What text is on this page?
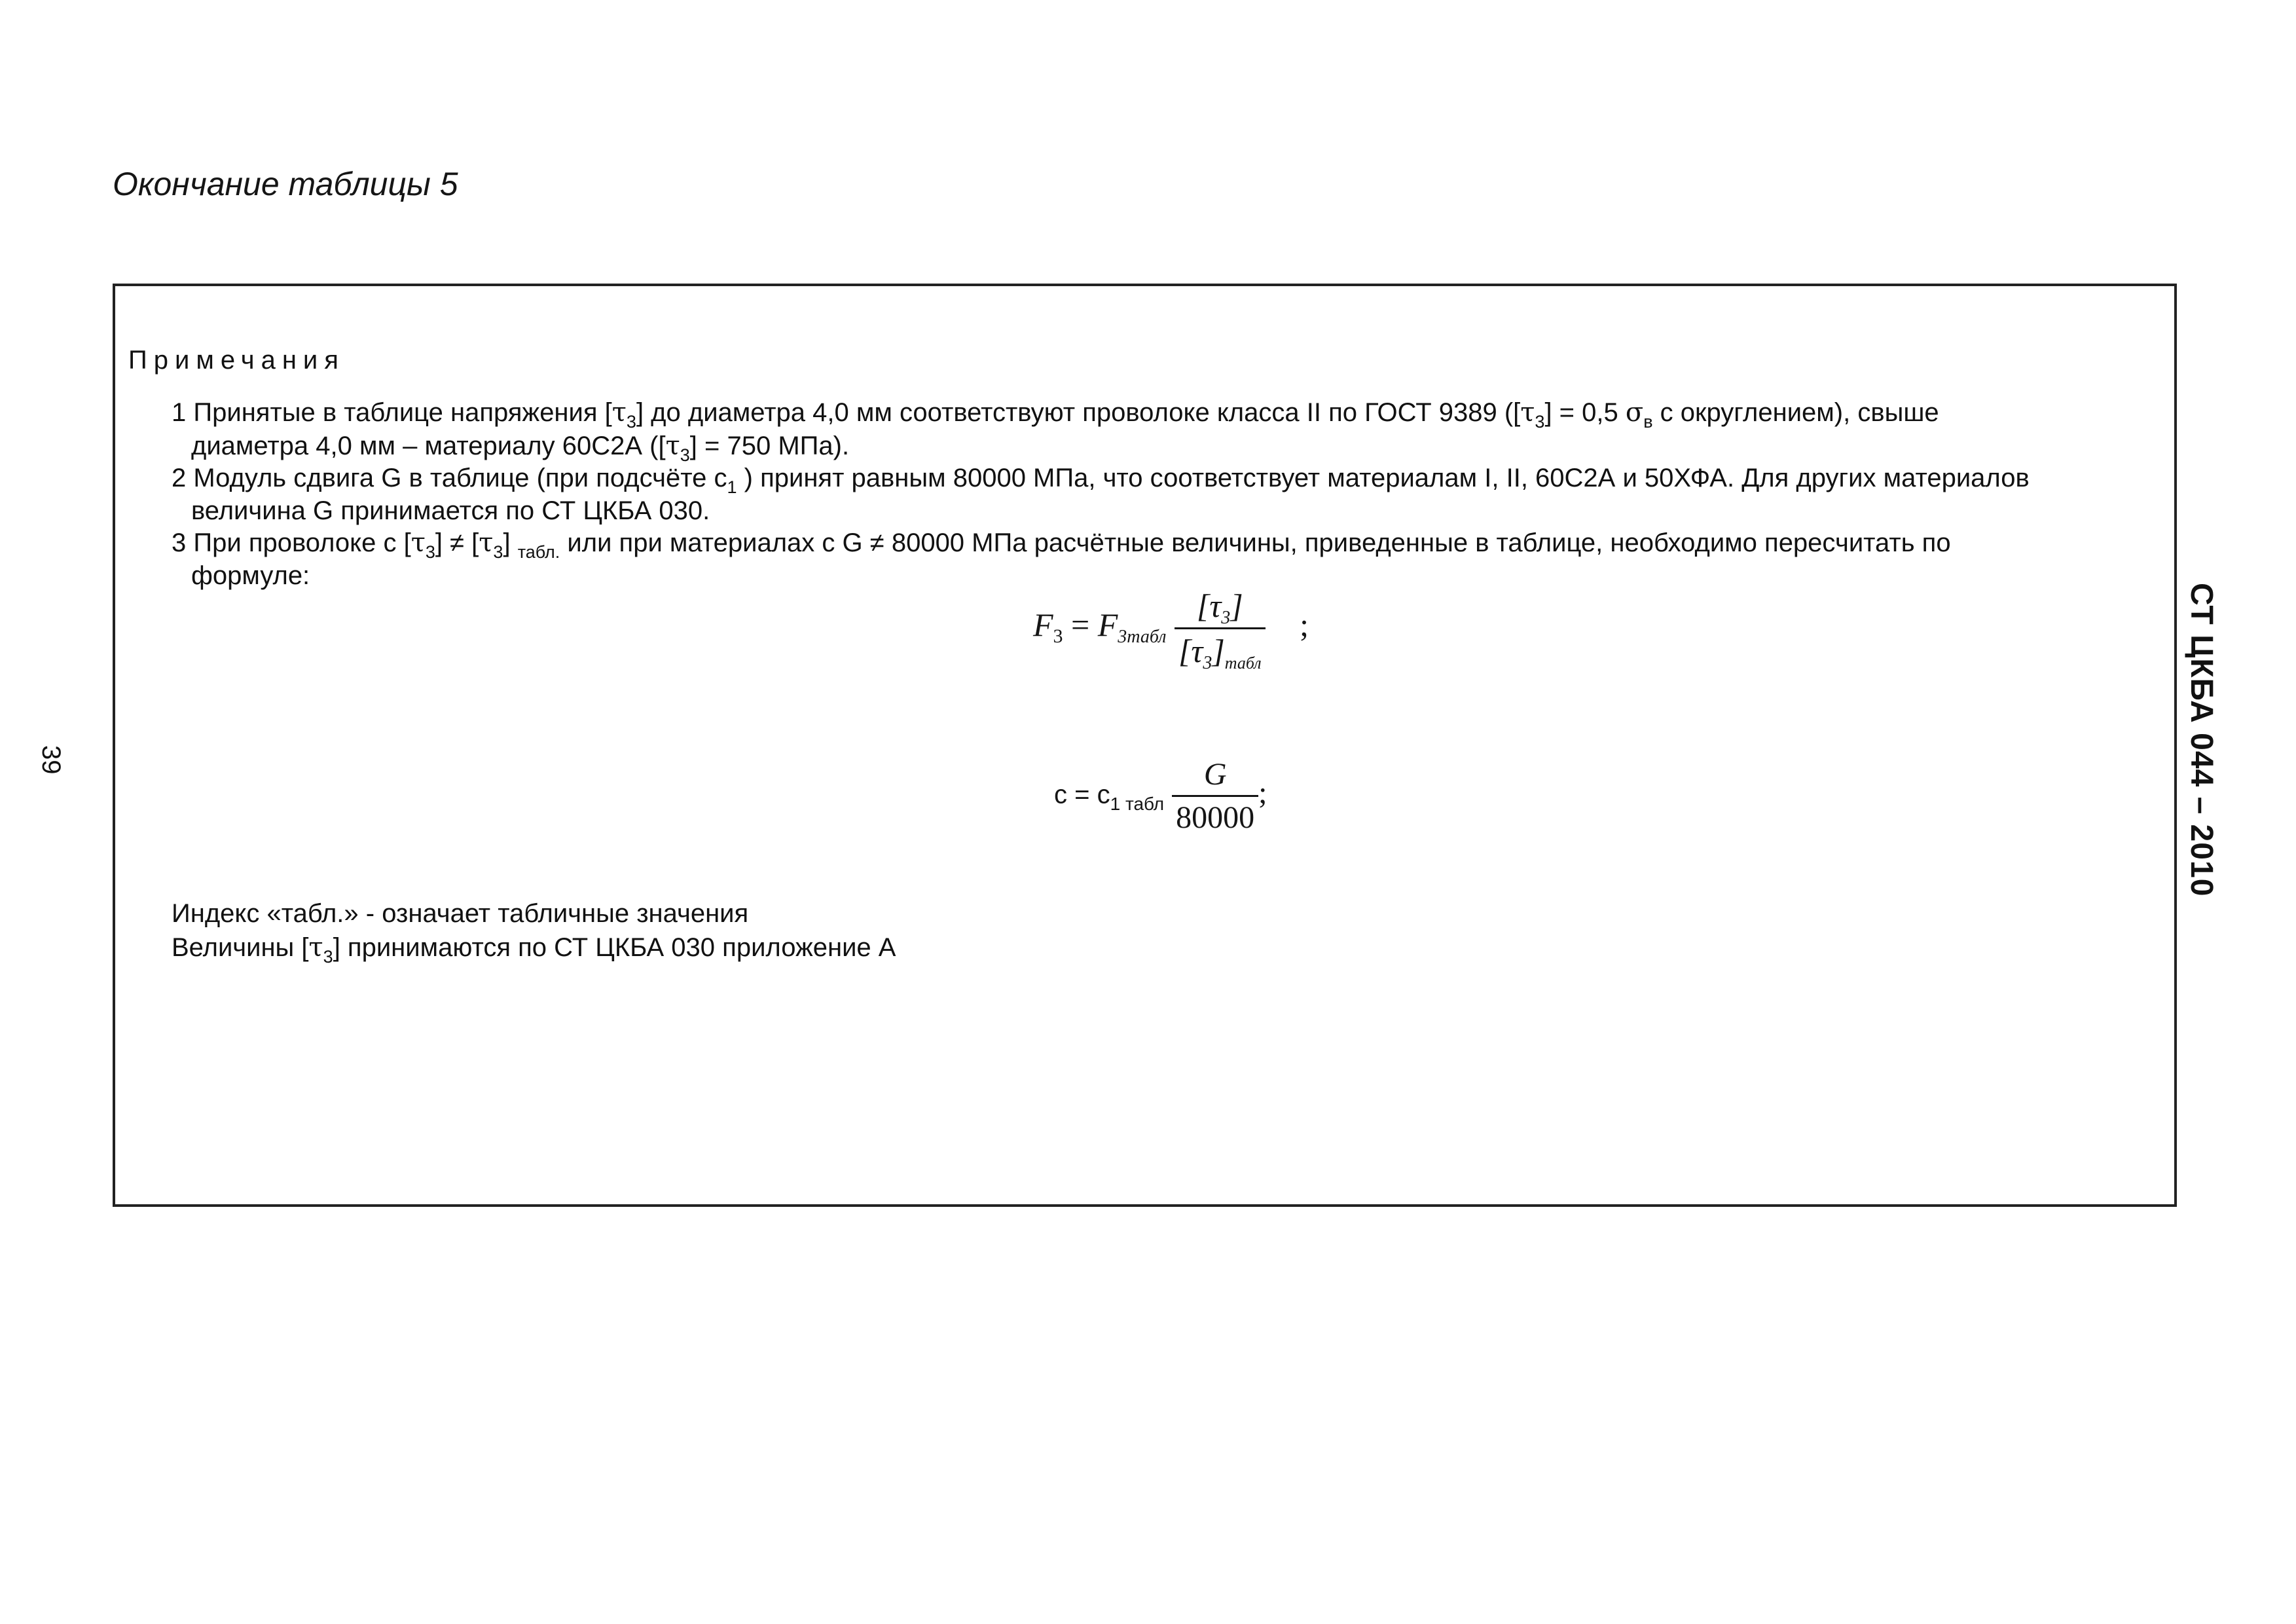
Окончание таблицы 5
Примечания
1 Принятые в таблице напряжения $[\tau_3]$ до диаметра 4,0 мм соответствуют проволоке класса II по ГОСТ 9389 ($[\tau_3] = 0,5$ $\sigma_в$ с округлением), свыше
диаметра 4,0 мм – материалу 60С2А ($[\tau_3] = 750$ МПа).
2 Модуль сдвига G в таблице (при подсчёте $c_1$ ) принят равным 80000 МПа, что соответствует материалам I, II, 60С2А и 50ХФА. Для других материалов
величина G принимается по СТ ЦКБА 030.
3 При проволоке с $[\tau_3] \ne [\tau_3]$ $_{табл.}$ или при материалах с G ≠ 80000 МПа расчётные величины, приведенные в таблице, необходимо пересчитать по
формуле:
$F_3 = F_{3табл} \frac{[\tau_3]}{[\tau_3]_{табл}}$ ;
$c = c_{1 табл} \frac{G}{80000}$ ;
Индекс «табл.» - означает табличные значения
Величины $[\tau_3]$ принимаются по СТ ЦКБА 030 приложение А
39	СТ ЦКБА 044 – 2010
